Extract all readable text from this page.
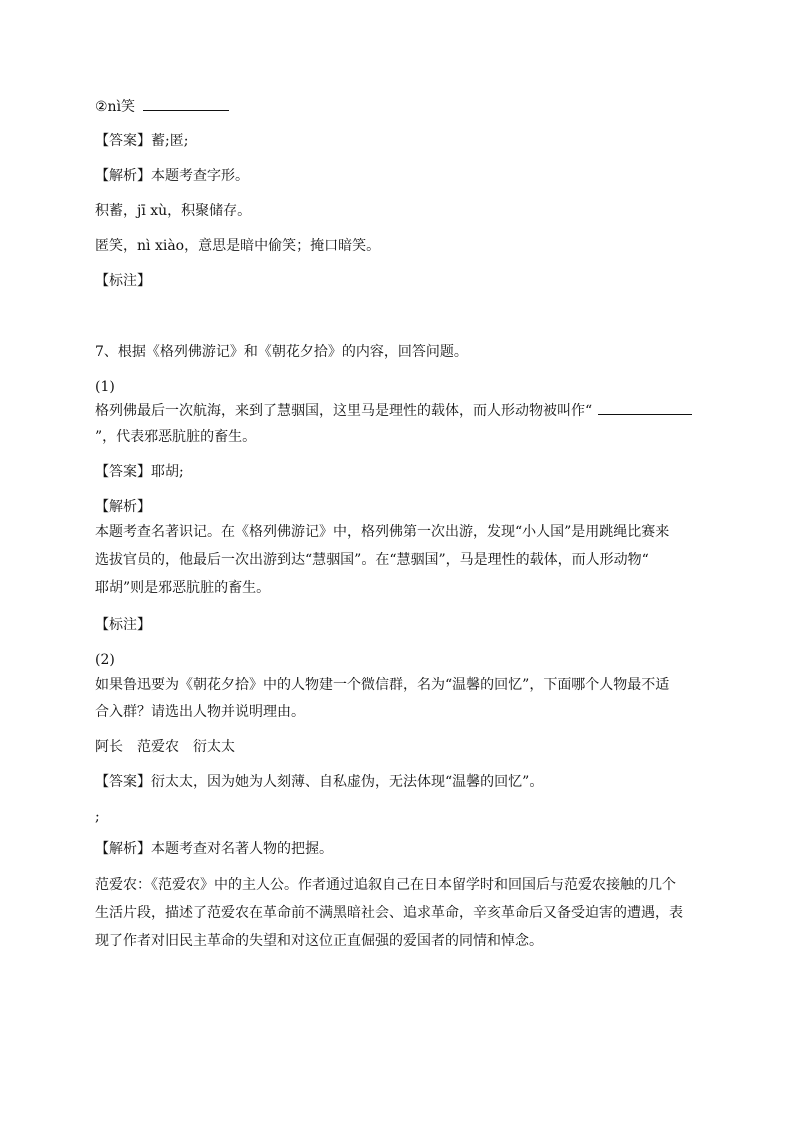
②nì笑
【答案】蓄;匿;
【解析】本题考查字形。
积蓄，jī xù，积聚储存。
匿笑，nì xiào，意思是暗中偷笑；掩口暗笑。
【标注】
7、根据《格列佛游记》和《朝花夕拾》的内容，回答问题。
(1)
格列佛最后一次航海，来到了慧骃国，这里马是理性的载体，而人形动物被叫作“
”，代表邪恶肮脏的畜生。
【答案】耶胡;
【解析】
本题考查名著识记。在《格列佛游记》中，格列佛第一次出游，发现“小人国”是用跳绳比赛来
选拔官员的，他最后一次出游到达“慧骃国”。在“慧骃国”，马是理性的载体，而人形动物“
耶胡”则是邪恶肮脏的畜生。
【标注】
(2)
如果鲁迅要为《朝花夕拾》中的人物建一个微信群，名为“温馨的回忆”，下面哪个人物最不适
合入群？请选出人物并说明理由。
阿长 范爱农 衍太太
【答案】衍太太，因为她为人刻薄、自私虚伪，无法体现“温馨的回忆”。
;
【解析】本题考查对名著人物的把握。
范爱农：《范爱农》中的主人公。作者通过追叙自己在日本留学时和回国后与范爱农接触的几个
生活片段，描述了范爱农在革命前不满黑暗社会、追求革命，辛亥革命后又备受迫害的遭遇，表
现了作者对旧民主革命的失望和对这位正直倔强的爱国者的同情和悼念。
